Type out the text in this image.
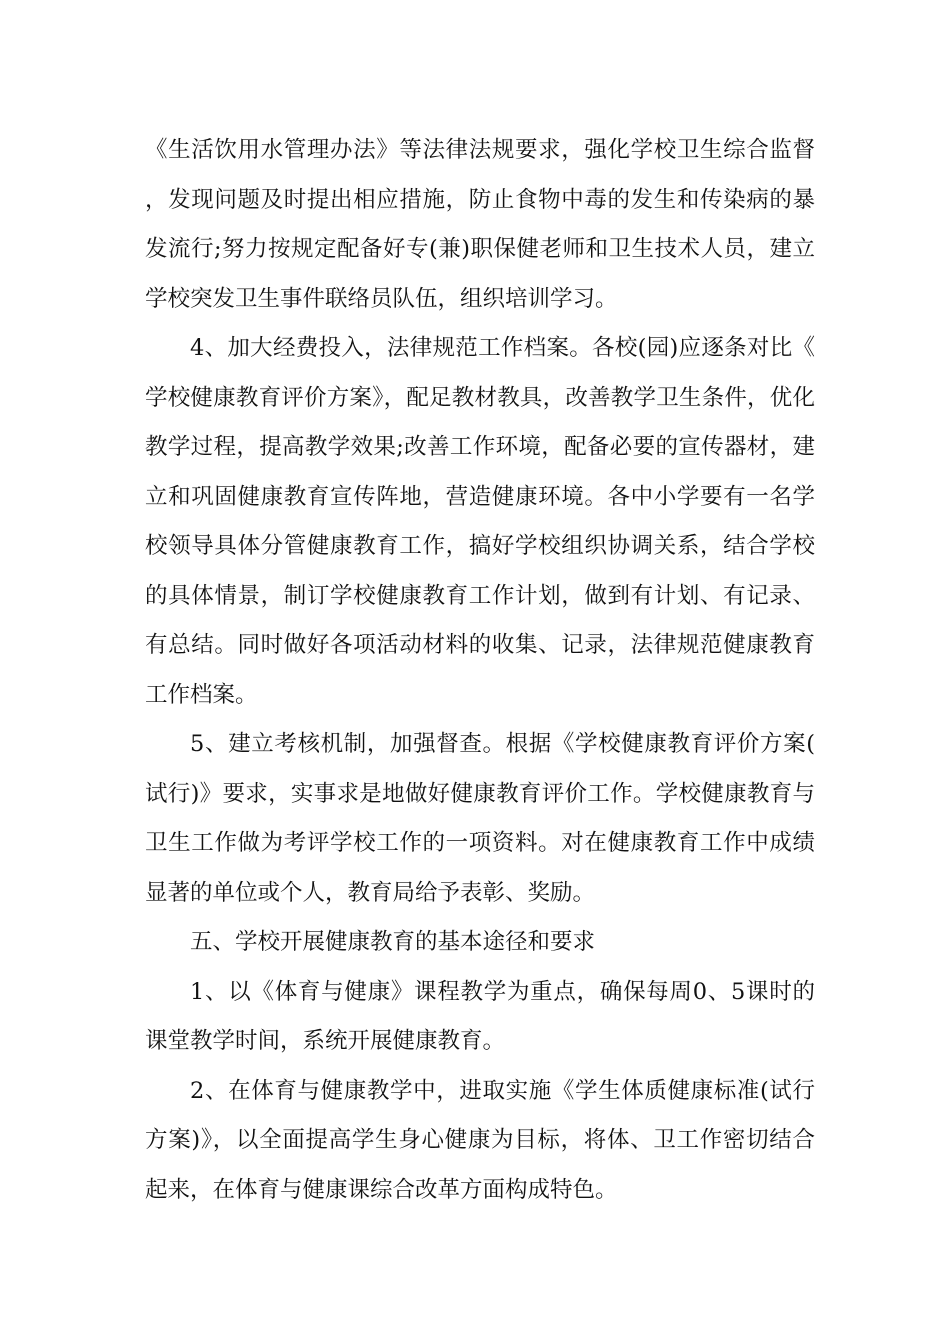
《生活饮用水管理办法》等法律法规要求，强化学校卫生综合监督，发现问题及时提出相应措施，防止食物中毒的发生和传染病的暴发流行;努力按规定配备好专(兼)职保健老师和卫生技术人员，建立学校突发卫生事件联络员队伍，组织培训学习。

4、加大经费投入，法律规范工作档案。各校(园)应逐条对比《学校健康教育评价方案》，配足教材教具，改善教学卫生条件，优化教学过程，提高教学效果;改善工作环境，配备必要的宣传器材，建立和巩固健康教育宣传阵地，营造健康环境。各中小学要有一名学校领导具体分管健康教育工作，搞好学校组织协调关系，结合学校的具体情景，制订学校健康教育工作计划，做到有计划、有记录、有总结。同时做好各项活动材料的收集、记录，法律规范健康教育工作档案。

5、建立考核机制，加强督查。根据《学校健康教育评价方案(试行)》要求，实事求是地做好健康教育评价工作。学校健康教育与卫生工作做为考评学校工作的一项资料。对在健康教育工作中成绩显著的单位或个人，教育局给予表彰、奖励。

五、学校开展健康教育的基本途径和要求

1、以《体育与健康》课程教学为重点，确保每周0、5课时的课堂教学时间，系统开展健康教育。

2、在体育与健康教学中，进取实施《学生体质健康标准(试行方案)》，以全面提高学生身心健康为目标，将体、卫工作密切结合起来，在体育与健康课综合改革方面构成特色。
